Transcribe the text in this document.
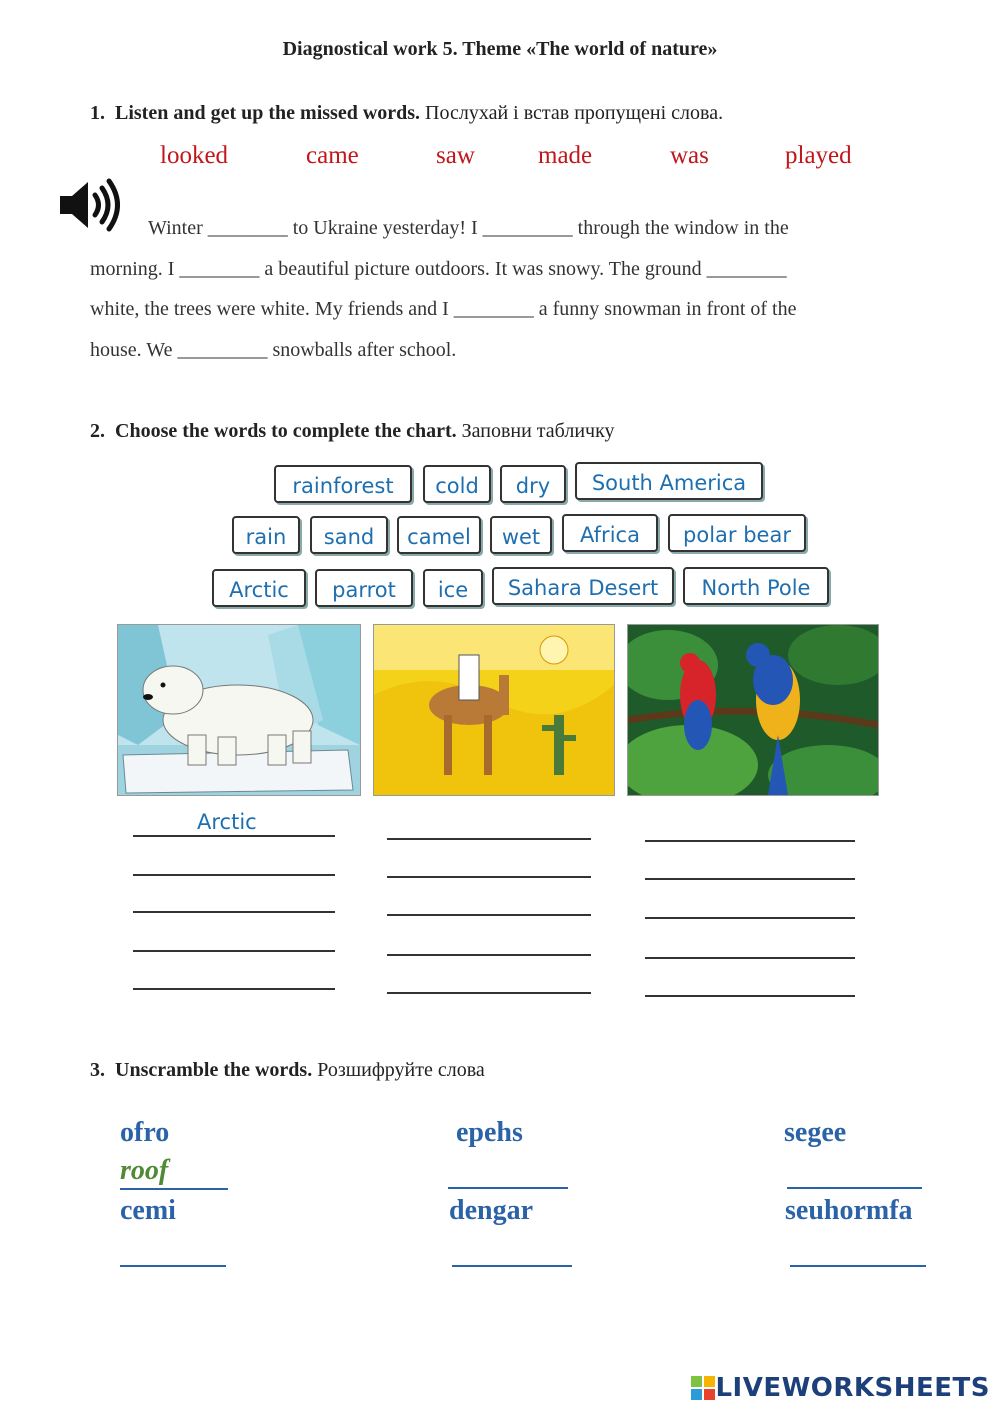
Diagnostical work 5. Theme «The world of nature»
1. Listen and get up the missed words. Послухай і встав пропущені слова.
looked	came	saw	made	was	played
Winter ________ to Ukraine yesterday! I _________ through the window in the
morning. I ________ a beautiful picture outdoors. It was snowy. The ground ________
white, the trees were white. My friends and I ________ a funny snowman in front of the
house. We _________ snowballs after school.
2. Choose the words to complete the chart. Заповни табличку
rainforest	cold	dry	South America
rain	sand	camel	wet	Africa	polar bear
Arctic	parrot	ice	Sahara Desert	North Pole
Arctic
3. Unscramble the words. Розшифруйте слова
ofro	epehs	segee
roof
cemi	dengar	seuhormfa
LIVEWORKSHEETS
